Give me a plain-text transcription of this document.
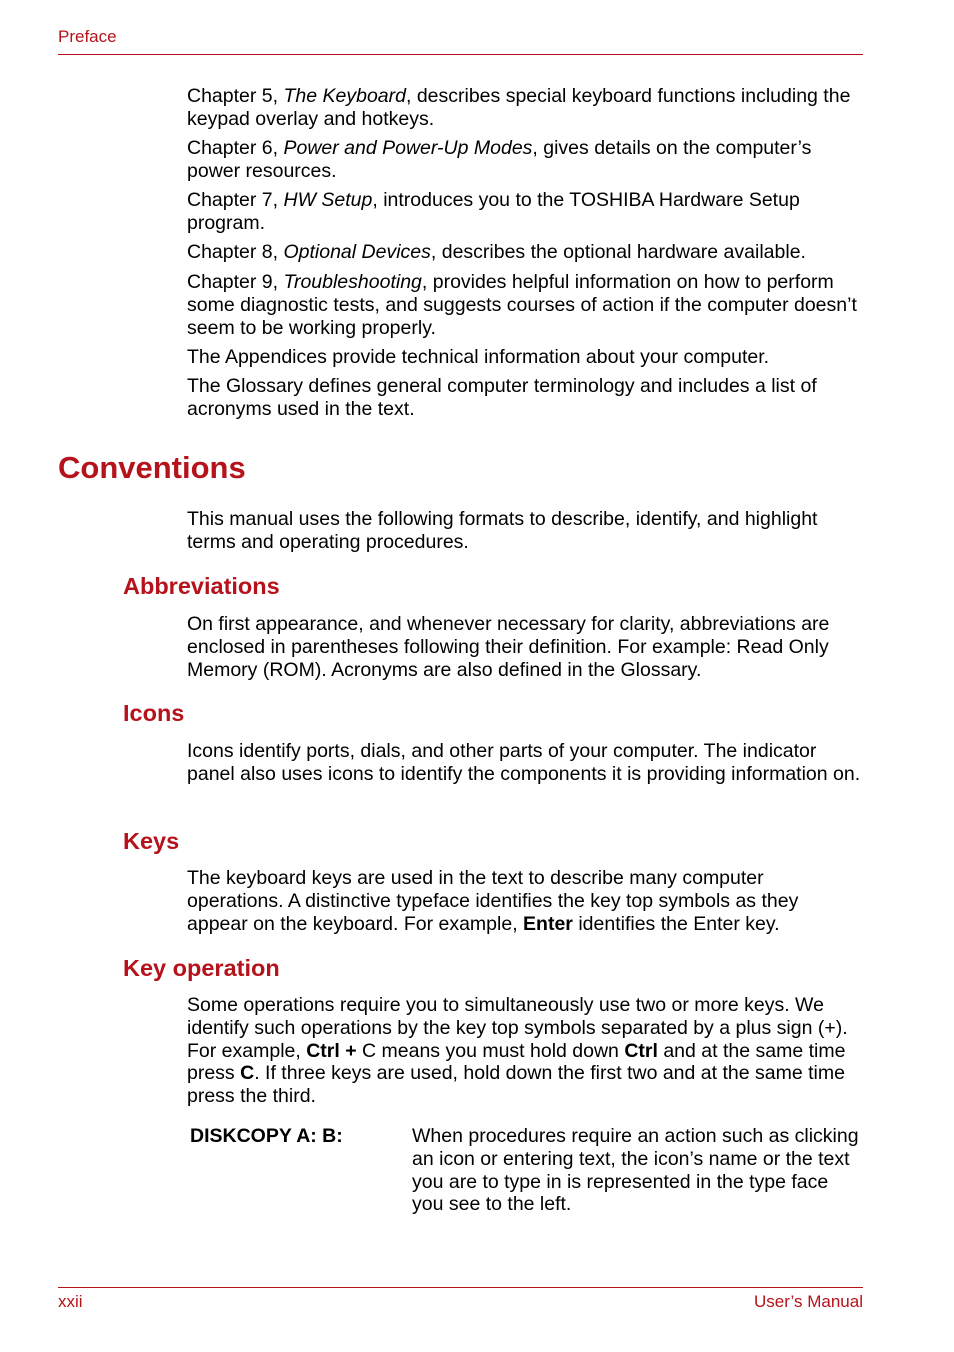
Preface

Chapter 5, The Keyboard, describes special keyboard functions including the keypad overlay and hotkeys.

Chapter 6, Power and Power-Up Modes, gives details on the computer’s power resources.

Chapter 7, HW Setup, introduces you to the TOSHIBA Hardware Setup program.

Chapter 8, Optional Devices, describes the optional hardware available.

Chapter 9, Troubleshooting, provides helpful information on how to perform some diagnostic tests, and suggests courses of action if the computer doesn’t seem to be working properly.

The Appendices provide technical information about your computer.

The Glossary defines general computer terminology and includes a list of acronyms used in the text.

Conventions

This manual uses the following formats to describe, identify, and highlight terms and operating procedures.

Abbreviations

On first appearance, and whenever necessary for clarity, abbreviations are enclosed in parentheses following their definition. For example: Read Only Memory (ROM). Acronyms are also defined in the Glossary.

Icons

Icons identify ports, dials, and other parts of your computer. The indicator panel also uses icons to identify the components it is providing information on.

Keys

The keyboard keys are used in the text to describe many computer operations. A distinctive typeface identifies the key top symbols as they appear on the keyboard. For example, Enter identifies the Enter key.

Key operation

Some operations require you to simultaneously use two or more keys. We identify such operations by the key top symbols separated by a plus sign (+). For example, Ctrl + C means you must hold down Ctrl and at the same time press C. If three keys are used, hold down the first two and at the same time press the third.

DISKCOPY A: B:	When procedures require an action such as clicking an icon or entering text, the icon’s name or the text you are to type in is represented in the type face you see to the left.

xxii	User’s Manual
